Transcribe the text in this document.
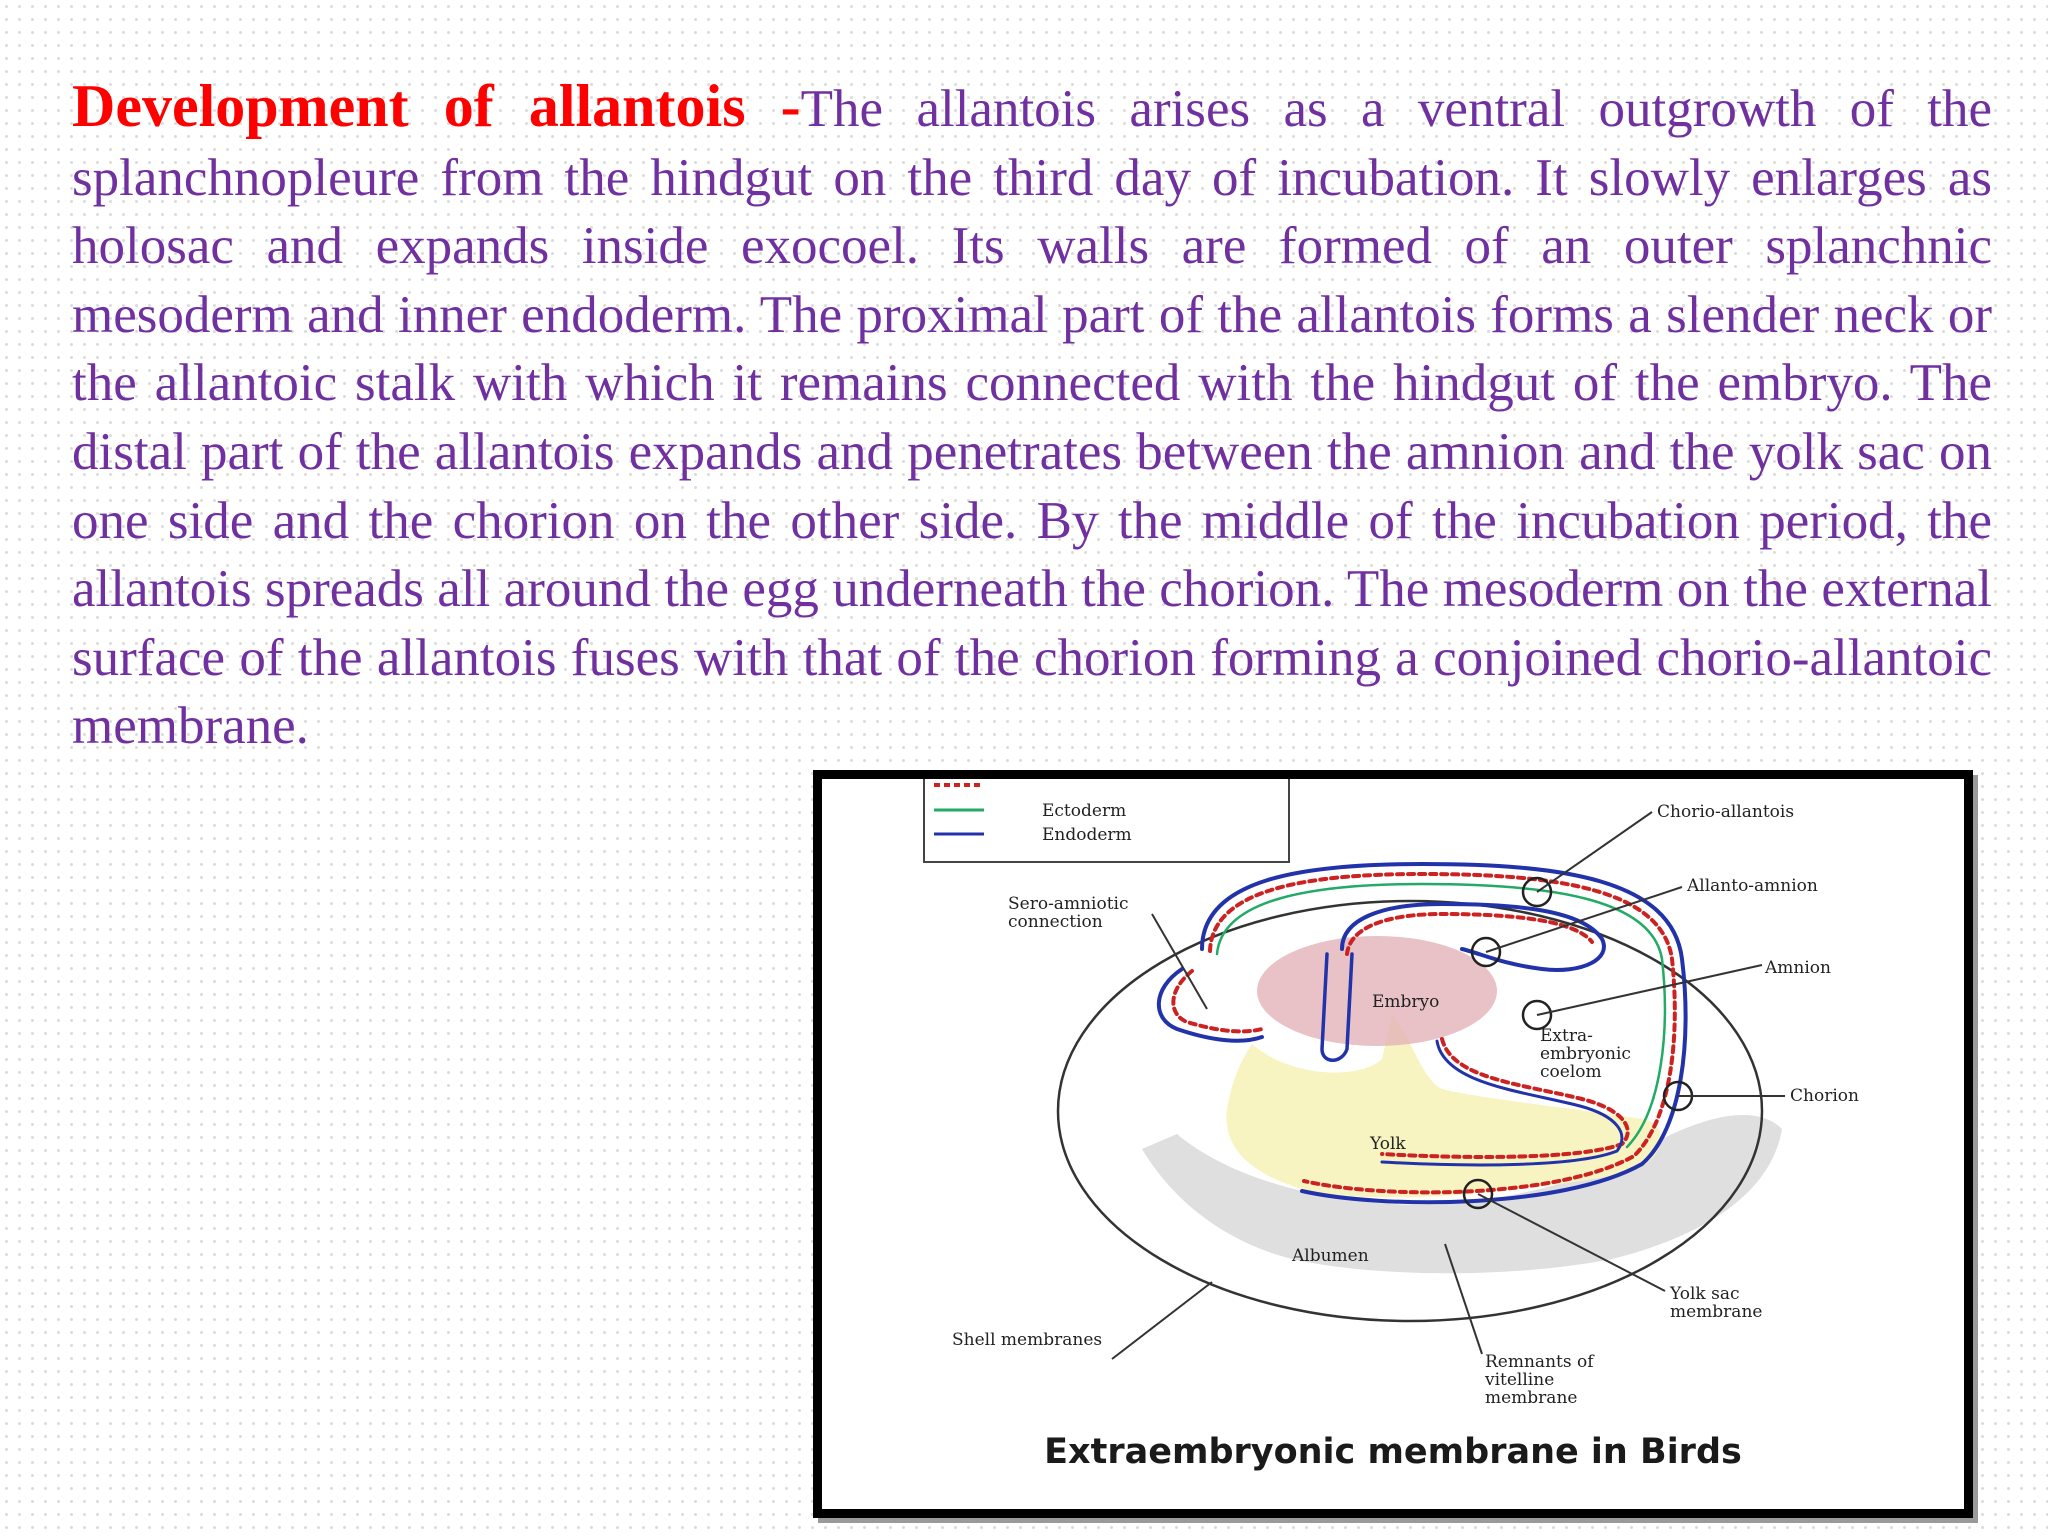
Development of allantois -The allantois arises as a ventral outgrowth of the splanchnopleure from the hindgut on the third day of incubation. It slowly enlarges as holosac and expands inside exocoel. Its walls are formed of an outer splanchnic mesoderm and inner endoderm. The proximal part of the allantois forms a slender neck or the allantoic stalk with which it remains connected with the hindgut of the embryo. The distal part of the allantois expands and penetrates between the amnion and the yolk sac on one side and the chorion on the other side. By the middle of the incubation period, the allantois spreads all around the egg underneath the chorion. The mesoderm on the external surface of the allantois fuses with that of the chorion forming a conjoined chorio-allantoic membrane.

Ectoderm
Endoderm
Chorio-allantois
Allanto-amnion
Amnion
Chorion
Sero-amniotic
connection
Embryo
Extra-
embryonic
coelom
Yolk
Albumen
Shell membranes
Yolk sac
membrane
Remnants of
vitelline
membrane
Extraembryonic membrane in Birds
